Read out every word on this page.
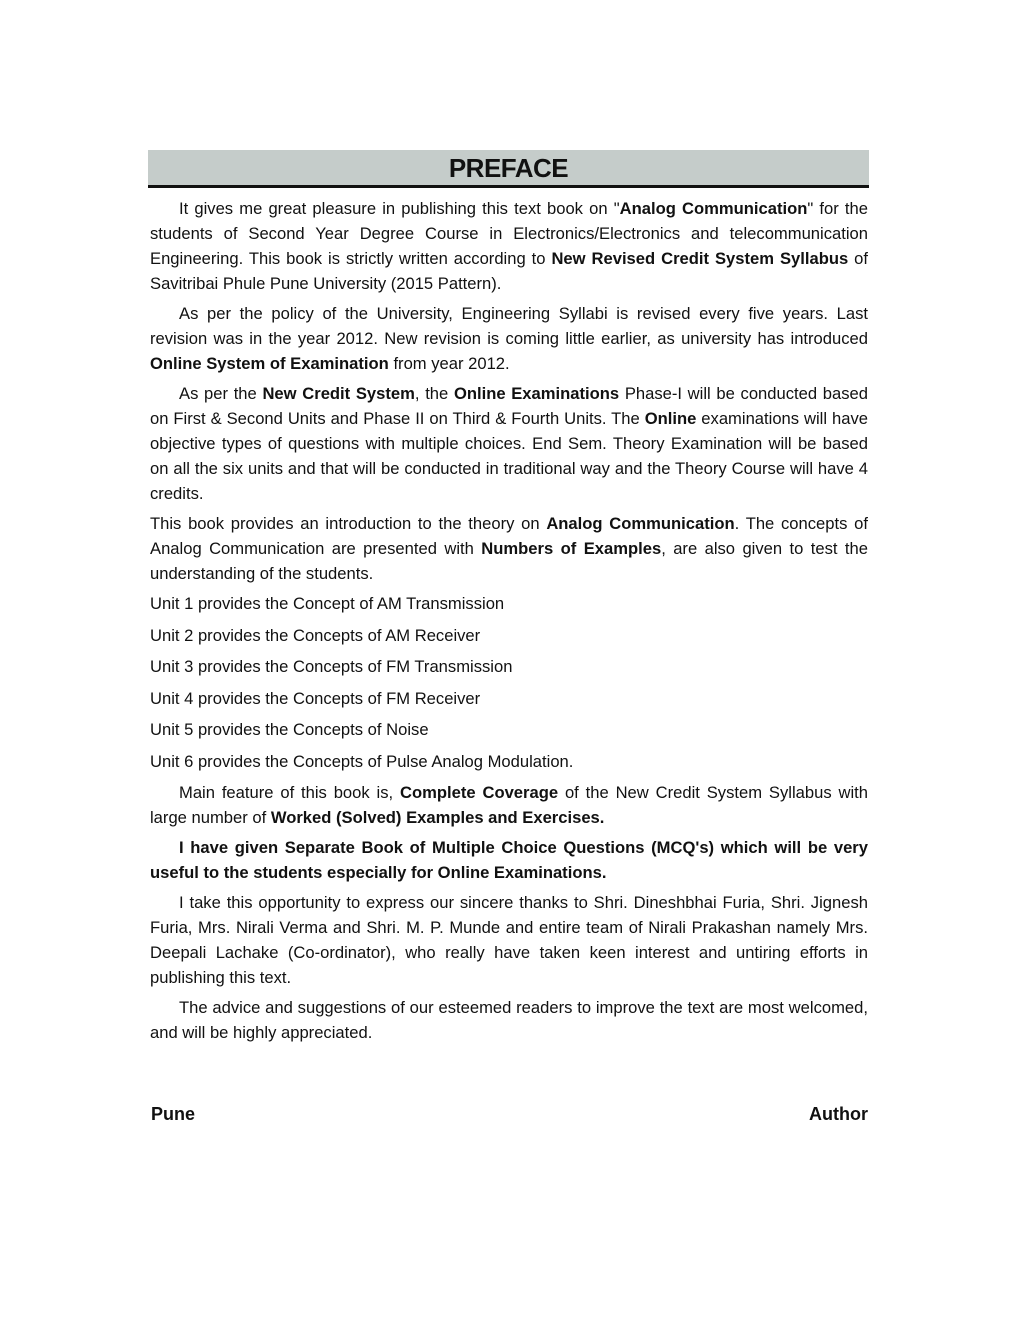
PREFACE

It gives me great pleasure in publishing this text book on "Analog Communication" for the students of Second Year Degree Course in Electronics/Electronics and telecommunication Engineering. This book is strictly written according to New Revised Credit System Syllabus of Savitribai Phule Pune University (2015 Pattern).

As per the policy of the University, Engineering Syllabi is revised every five years. Last revision was in the year 2012. New revision is coming little earlier, as university has introduced Online System of Examination from year 2012.

As per the New Credit System, the Online Examinations Phase-I will be conducted based on First & Second Units and Phase II on Third & Fourth Units. The Online examinations will have objective types of questions with multiple choices. End Sem. Theory Examination will be based on all the six units and that will be conducted in traditional way and the Theory Course will have 4 credits.

This book provides an introduction to the theory on Analog Communication. The concepts of Analog Communication are presented with Numbers of Examples, are also given to test the understanding of the students.

Unit 1 provides the Concept of AM Transmission

Unit 2 provides the Concepts of AM Receiver

Unit 3 provides the Concepts of FM Transmission

Unit 4 provides the Concepts of FM Receiver

Unit 5 provides the Concepts of Noise

Unit 6 provides the Concepts of Pulse Analog Modulation.

Main feature of this book is, Complete Coverage of the New Credit System Syllabus with large number of Worked (Solved) Examples and Exercises.

I have given Separate Book of Multiple Choice Questions (MCQ's) which will be very useful to the students especially for Online Examinations.

I take this opportunity to express our sincere thanks to Shri. Dineshbhai Furia, Shri. Jignesh Furia, Mrs. Nirali Verma and Shri. M. P. Munde and entire team of Nirali Prakashan namely Mrs. Deepali Lachake (Co-ordinator), who really have taken keen interest and untiring efforts in publishing this text.

The advice and suggestions of our esteemed readers to improve the text are most welcomed, and will be highly appreciated.

Pune	Author
